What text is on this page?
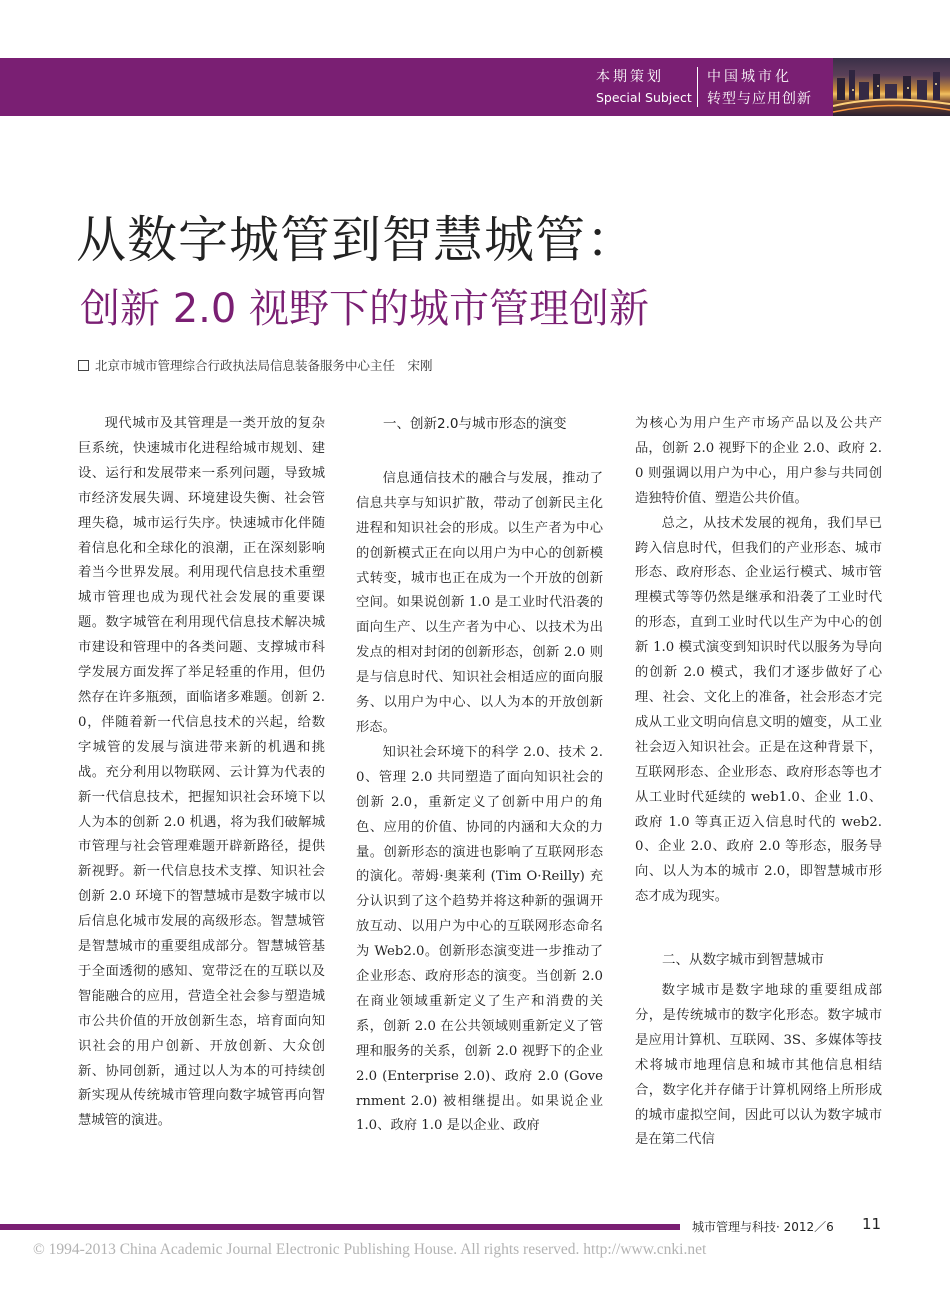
本期策划
Special Subject
中国城市化
转型与应用创新
从数字城管到智慧城管：
创新 2.0 视野下的城市管理创新
北京市城市管理综合行政执法局信息装备服务中心主任　宋刚

现代城市及其管理是一类开放的复杂巨系统，快速城市化进程给城市规划、建设、运行和发展带来一系列问题，导致城市经济发展失调、环境建设失衡、社会管理失稳，城市运行失序。快速城市化伴随着信息化和全球化的浪潮，正在深刻影响着当今世界发展。利用现代信息技术重塑城市管理也成为现代社会发展的重要课题。数字城管在利用现代信息技术解决城市建设和管理中的各类问题、支撑城市科学发展方面发挥了举足轻重的作用，但仍然存在许多瓶颈，面临诸多难题。创新 2.0，伴随着新一代信息技术的兴起，给数字城管的发展与演进带来新的机遇和挑战。充分利用以物联网、云计算为代表的新一代信息技术，把握知识社会环境下以人为本的创新 2.0 机遇，将为我们破解城市管理与社会管理难题开辟新路径，提供新视野。新一代信息技术支撑、知识社会创新 2.0 环境下的智慧城市是数字城市以后信息化城市发展的高级形态。智慧城管是智慧城市的重要组成部分。智慧城管基于全面透彻的感知、宽带泛在的互联以及智能融合的应用，营造全社会参与塑造城市公共价值的开放创新生态，培育面向知识社会的用户创新、开放创新、大众创新、协同创新，通过以人为本的可持续创新实现从传统城市管理向数字城管再向智慧城管的演进。

一、创新2.0与城市形态的演变

信息通信技术的融合与发展，推动了信息共享与知识扩散，带动了创新民主化进程和知识社会的形成。以生产者为中心的创新模式正在向以用户为中心的创新模式转变，城市也正在成为一个开放的创新空间。如果说创新 1.0 是工业时代沿袭的面向生产、以生产者为中心、以技术为出发点的相对封闭的创新形态，创新 2.0 则是与信息时代、知识社会相适应的面向服务、以用户为中心、以人为本的开放创新形态。

知识社会环境下的科学 2.0、技术 2.0、管理 2.0 共同塑造了面向知识社会的创新 2.0，重新定义了创新中用户的角色、应用的价值、协同的内涵和大众的力量。创新形态的演进也影响了互联网形态的演化。蒂姆·奥莱利 (Tim O·Reilly) 充分认识到了这个趋势并将这种新的强调开放互动、以用户为中心的互联网形态命名为 Web2.0。创新形态演变进一步推动了企业形态、政府形态的演变。当创新 2.0 在商业领域重新定义了生产和消费的关系，创新 2.0 在公共领域则重新定义了管理和服务的关系，创新 2.0 视野下的企业 2.0 (Enterprise 2.0)、政府 2.0 (Government 2.0) 被相继提出。如果说企业 1.0、政府 1.0 是以企业、政府

为核心为用户生产市场产品以及公共产品，创新 2.0 视野下的企业 2.0、政府 2.0 则强调以用户为中心，用户参与共同创造独特价值、塑造公共价值。

总之，从技术发展的视角，我们早已跨入信息时代，但我们的产业形态、城市形态、政府形态、企业运行模式、城市管理模式等等仍然是继承和沿袭了工业时代的形态，直到工业时代以生产为中心的创新 1.0 模式演变到知识时代以服务为导向的创新 2.0 模式，我们才逐步做好了心理、社会、文化上的准备，社会形态才完成从工业文明向信息文明的嬗变，从工业社会迈入知识社会。正是在这种背景下，互联网形态、企业形态、政府形态等也才从工业时代延续的 web1.0、企业 1.0、政府 1.0 等真正迈入信息时代的 web2.0、企业 2.0、政府 2.0 等形态，服务导向、以人为本的城市 2.0，即智慧城市形态才成为现实。

二、从数字城市到智慧城市

数字城市是数字地球的重要组成部分，是传统城市的数字化形态。数字城市是应用计算机、互联网、3S、多媒体等技术将城市地理信息和城市其他信息相结合，数字化并存储于计算机网络上所形成的城市虚拟空间，因此可以认为数字城市是在第二代信

城市管理与科技· 2012／6 11
© 1994-2013 China Academic Journal Electronic Publishing House. All rights reserved. http://www.cnki.net
